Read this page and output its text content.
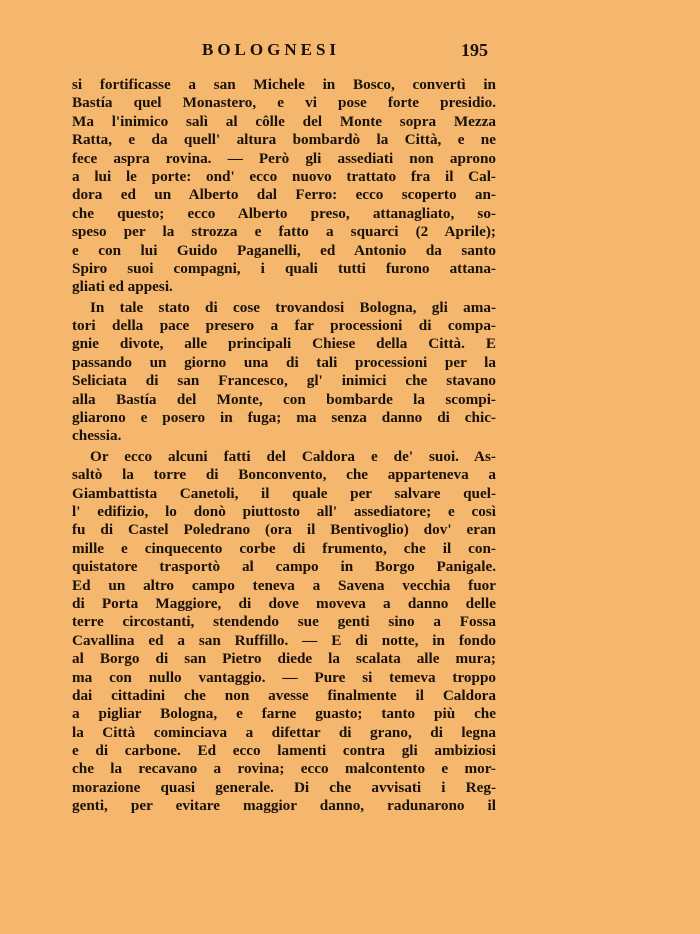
BOLOGNESI	195
si fortificasse a san Michele in Bosco, convertì in
Bastía quel Monastero, e vi pose forte presidio.
Ma l'inimico salì al côlle del Monte sopra Mezza
Ratta, e da quell' altura bombardò la Città, e ne
fece aspra rovina. — Però gli assediati non aprono
a lui le porte: ond' ecco nuovo trattato fra il Cal-
dora ed un Alberto dal Ferro: ecco scoperto an-
che questo; ecco Alberto preso, attanagliato, so-
speso per la strozza e fatto a squarci (2 Aprile);
e con lui Guido Paganelli, ed Antonio da santo
Spiro suoi compagni, i quali tutti furono attana-
gliati ed appesi.
In tale stato di cose trovandosi Bologna, gli ama-
tori della pace presero a far processioni di compa-
gnie divote, alle principali Chiese della Città. E
passando un giorno una di tali processioni per la
Seliciata di san Francesco, gl' inimici che stavano
alla Bastía del Monte, con bombarde la scompi-
gliarono e posero in fuga; ma senza danno di chic-
chessia.
Or ecco alcuni fatti del Caldora e de' suoi. As-
saltò la torre di Bonconvento, che apparteneva a
Giambattista Canetoli, il quale per salvare quel-
l' edifizio, lo donò piuttosto all' assediatore; e così
fu di Castel Poledrano (ora il Bentivoglio) dov' eran
mille e cinquecento corbe di frumento, che il con-
quistatore trasportò al campo in Borgo Panigale.
Ed un altro campo teneva a Savena vecchia fuor
di Porta Maggiore, di dove moveva a danno delle
terre circostanti, stendendo sue genti sino a Fossa
Cavallina ed a san Ruffillo. — E di notte, in fondo
al Borgo di san Pietro diede la scalata alle mura;
ma con nullo vantaggio. — Pure si temeva troppo
dai cittadini che non avesse finalmente il Caldora
a pigliar Bologna, e farne guasto; tanto più che
la Città cominciava a difettar di grano, di legna
e di carbone. Ed ecco lamenti contra gli ambiziosi
che la recavano a rovina; ecco malcontento e mor-
morazione quasi generale. Di che avvisati i Reg-
genti, per evitare maggior danno, radunarono il
